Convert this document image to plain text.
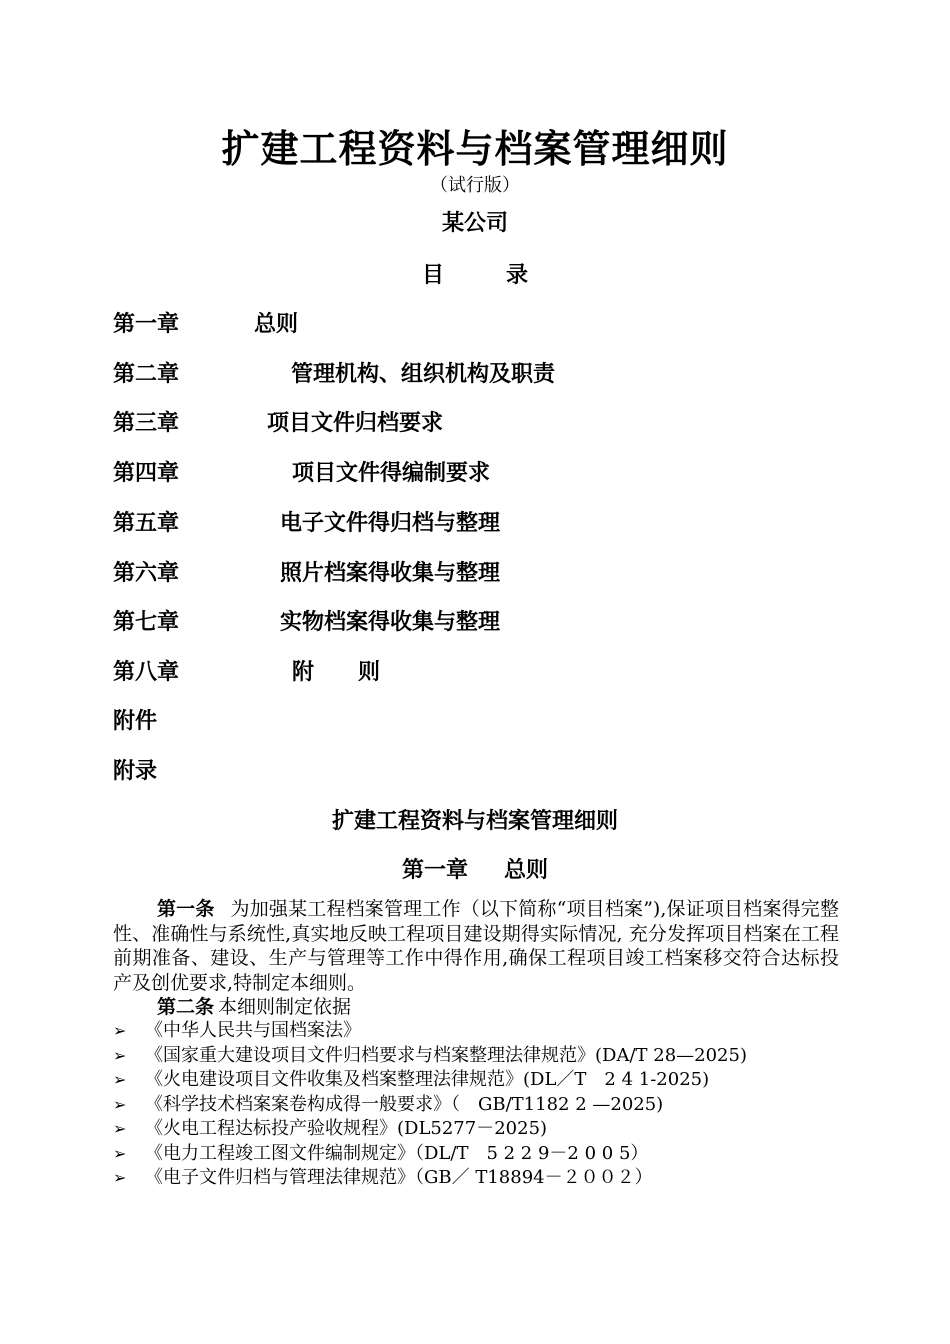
扩建工程资料与档案管理细则
（试行版）
某公司
目	录
第一章	总则
第二章	管理机构、组织机构及职责
第三章	项目文件归档要求
第四章	项目文件得编制要求
第五章	电子文件得归档与整理
第六章	照片档案得收集与整理
第七章	实物档案得收集与整理
第八章	附　　则
附件
附录
扩建工程资料与档案管理细则
第一章 总则
第一条 为加强某工程档案管理工作（以下简称“项目档案”),保证项目档案得完整性、准确性与系统性,真实地反映工程项目建设期得实际情况, 充分发挥项目档案在工程前期准备、建设、生产与管理等工作中得作用,确保工程项目竣工档案移交符合达标投产及创优要求,特制定本细则。
第二条 本细则制定依据
➢ 《中华人民共与国档案法》
➢ 《国家重大建设项目文件归档要求与档案整理法律规范》(DA/T 28—2025)
➢ 《火电建设项目文件收集及档案整理法律规范》(DL／T　2 4 1-2025)
➢ 《科学技术档案案卷构成得一般要求》（　GB/T1182 2 —2025)
➢ 《火电工程达标投产验收规程》(DL5277－2025)
➢ 《电力工程竣工图文件编制规定》（DL/T　5 2 2 9－2 0 0 5）
➢ 《电子文件归档与管理法律规范》（GB／ T18894－２００２）
